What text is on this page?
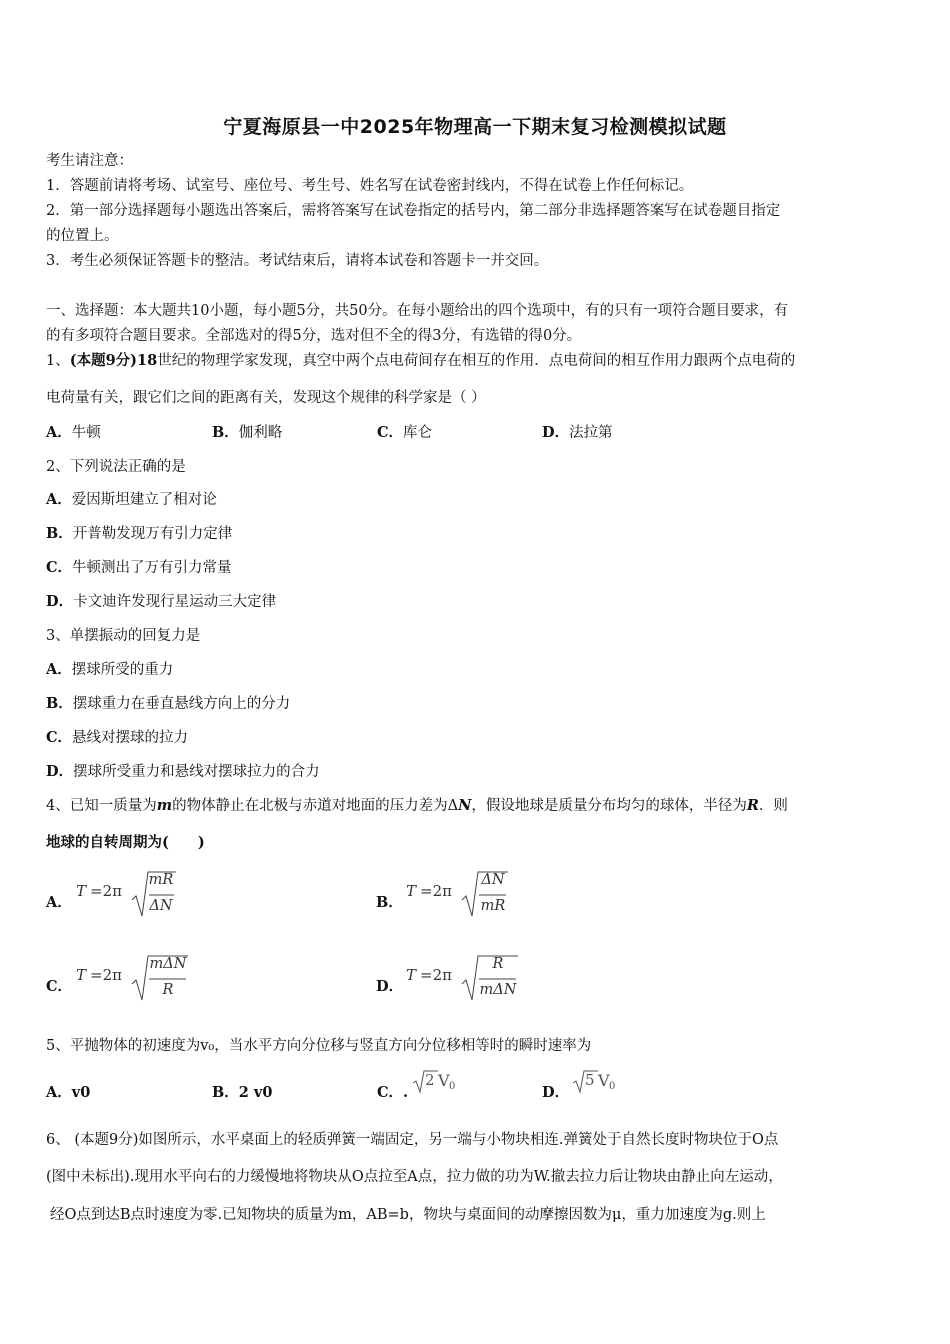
宁夏海原县一中2025年物理高一下期末复习检测模拟试题
考生请注意：
1．答题前请将考场、试室号、座位号、考生号、姓名写在试卷密封线内，不得在试卷上作任何标记。
2．第一部分选择题每小题选出答案后，需将答案写在试卷指定的括号内，第二部分非选择题答案写在试卷题目指定
的位置上。
3．考生必须保证答题卡的整洁。考试结束后，请将本试卷和答题卡一并交回。
一、选择题：本大题共10小题，每小题5分，共50分。在每小题给出的四个选项中，有的只有一项符合题目要求，有
的有多项符合题目要求。全部选对的得5分，选对但不全的得3分，有选错的得0分。
1、(本题9分)18世纪的物理学家发现，真空中两个点电荷间存在相互的作用．点电荷间的相互作用力跟两个点电荷的
电荷量有关，跟它们之间的距离有关，发现这个规律的科学家是（ ）
A．牛顿	B．伽利略	C．库仑	D．法拉第
2、下列说法正确的是
A．爱因斯坦建立了相对论
B．开普勒发现万有引力定律
C．牛顿测出了万有引力常量
D．卡文迪许发现行星运动三大定律
3、单摆振动的回复力是
A．摆球所受的重力
B．摆球重力在垂直悬线方向上的分力
C．悬线对摆球的拉力
D．摆球所受重力和悬线对摆球拉力的合力
4、已知一质量为m的物体静止在北极与赤道对地面的压力差为ΔN，假设地球是质量分布均匀的球体，半径为R．则
地球的自转周期为(　　)
A．
T =2π
mR
ΔN	B．
T =2π
ΔN
mR
C．
T =2π
mΔN
R	D．
T =2π
R
mΔN
5、平抛物体的初速度为v₀，当水平方向分位移与竖直方向分位移相等时的瞬时速率为
A．v0	B．2 v0	C．.
2 V 0	D．
5 V 0
6、 (本题9分)如图所示，水平桌面上的轻质弹簧一端固定，另一端与小物块相连.弹簧处于自然长度时物块位于O点
(图中未标出).现用水平向右的力缓慢地将物块从O点拉至A点，拉力做的功为W.撤去拉力后让物块由静止向左运动，
经O点到达B点时速度为零.已知物块的质量为m，AB=b，物块与桌面间的动摩擦因数为μ，重力加速度为g.则上
